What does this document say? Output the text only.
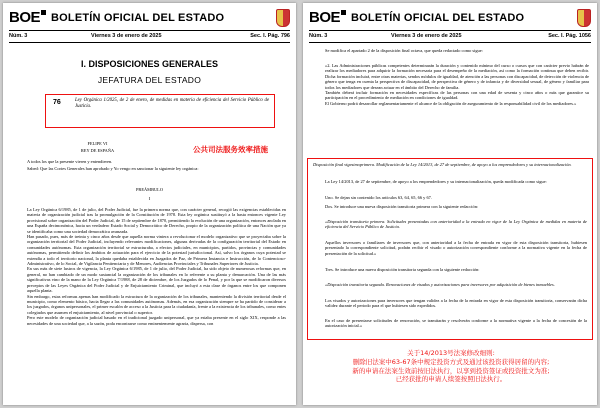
BOE BOLETÍN OFICIAL DEL ESTADO
Núm. 3	Viernes 3 de enero de 2025	Sec. I. Pág. 796
I. DISPOSICIONES GENERALES
JEFATURA DEL ESTADO
76	Ley Orgánica 1/2025, de 2 de enero, de medidas en materia de eficiencia del Servicio Público de Justicia.
公共司法服务效率措施
FELIPE VI
REY DE ESPAÑA
A todos los que la presente vieren y entendieren.
Sabed: Que las Cortes Generales han aprobado y Yo vengo en sancionar la siguiente ley orgánica:
PREÁMBULO
I
La Ley Orgánica 6/1985, de 1 de julio, del Poder Judicial, fue la primera norma que, con carácter general, recogió las exigencias establecidas en materia de organización judicial tras la promulgación de la Constitución de 1978. Esta ley orgánica sustituyó a la hasta entonces vigente Ley provisional sobre organización del Poder Judicial, de 15 de septiembre de 1870, permitiendo la evolución de una organización, entonces anclada en una España decimonónica, hacia un verdadero Estado Social y Democrático de Derecho, propio de la organización política de una Nación que ya se identificaba como una sociedad democrática avanzada.
Han pasado, pues, más de treinta y cinco años desde que aquella norma viniera a revolucionar el modelo organizativo que se proyectaba sobre la organización territorial del Poder Judicial, incluyendo relevantes modificaciones, algunas derivadas de la configuración territorial del Estado en comunidades autónomas. Esta organización territorial se estructuraba, a efectos judiciales, en municipios, partidos, provincias y comunidades autónomas, permitiendo definir los ámbitos de actuación para el ejercicio de la potestad jurisdiccional. Así, salvo los órganos cuya potestad se extendía a todo el territorio nacional, la planta quedaba establecida en Juzgados de Paz, de Primera Instancia e Instrucción, de lo Contencioso-Administrativo, de lo Social, de Vigilancia Penitenciaria y de Menores, Audiencias Provinciales y Tribunales Superiores de Justicia.
En sus más de siete lustros de vigencia, la Ley Orgánica 6/1985, de 1 de julio, del Poder Judicial, ha sido objeto de numerosas reformas que, en general, no han cambiado de un modo sustancial la organización de los tribunales en lo referente a su planta y demarcación. Una de las más significativas vino de la mano de la Ley Orgánica 7/1988, de 28 de diciembre, de los Juzgados de lo Penal, y por la que se modificaron diversos preceptos de las Leyes Orgánica del Poder Judicial y de Enjuiciamiento Criminal, que incluyó a esta clase de órganos entre los que componen aquella planta.
Sin embargo, estas reformas apenas han modificado la estructura de la organización de los tribunales, manteniendo la división territorial desde el municipio, como elemento básico, hacia llegar a las comunidades autónomas. Además, en esa organización siempre se ha partido de considerar a los juzgados, órganos unipersonales, el primer escalón de acceso a la Justicia para la ciudadanía, frente a la existencia de los tribunales, como entes colegiados que asumen el enjuiciamiento, al nivel provincial o superior.
Pero este modelo de organización judicial basado en el tradicional juzgado unipersonal, que ya estaba presente en el siglo XIX, responde a las necesidades de una sociedad que, a la sazón, poda encontrarse como eminentemente agraria, dispersa, con
BOE BOLETÍN OFICIAL DEL ESTADO
Núm. 3	Viernes 3 de enero de 2025	Sec. I. Pág. 1056
Se modifica el apartado 2 de la disposición final octava, que queda redactado como sigue:
«2. Las Administraciones públicas competentes determinarán la duración y contenido mínimo del curso o cursos que con carácter previo habrán de realizar los mediadores para adquirir la formación necesaria para el desempeño de la mediación, así como la formación continua que deben recibir. Dicha formación incluirá, entre otras materias, sendos módulos de igualdad, de atención a las personas con discapacidad, de detección de violencia de género que tenga en cuenta la perspectiva de discapacidad, de perspectiva de género y de infancia y de diversidad sexual, de género y familiar para todos los mediadores que desean actuar en el ámbito del Derecho de familia.
También deberá incluir formación en necesidades específicas de las personas con una edad de sesenta y cinco años o más que garantice su participación en el procedimiento de mediación en condiciones de igualdad.
El Gobierno podrá desarrollar reglamentariamente el alcance de la obligación de aseguramiento de la responsabilidad civil de los mediadores.»
Disposición final vigesimoprimera. Modificación de la Ley 14/2013, de 27 de septiembre, de apoyo a los emprendedores y su internacionalización.
La Ley 14/2013, de 27 de septiembre, de apoyo a los emprendedores y su internacionalización, queda modificada como sigue:
Uno. Se dejan sin contenido los artículos 63, 64, 65, 66 y 67.
Dos. Se introduce una nueva disposición transitoria primera con la siguiente redacción:
«Disposición transitoria primera. Solicitudes presentadas con anterioridad a la entrada en vigor de la Ley Orgánica de medidas en materia de eficiencia del Servicio Público de Justicia.
Aquellos inversores o familiares de inversores que, con anterioridad a la fecha de entrada en vigor de esta disposición transitoria, hubiesen presentado la correspondiente solicitud, podrán recibir el visado o autorización correspondiente conforme a la normativa vigente en la fecha de presentación de la solicitud.»
Tres. Se introduce una nueva disposición transitoria segunda con la siguiente redacción:
«Disposición transitoria segunda. Renovaciones de visados y autorizaciones para inversores por adquisición de bienes inmuebles.
Los visados y autorizaciones para inversores que tengan validez a la fecha de la entrada en vigor de esta disposición transitoria, conservarán dicha validez durante el periodo para el que hubiesen sido expedidos.
En el caso de presentarse solicitudes de renovación, se tramitarán y resolverán conforme a la normativa vigente a la fecha de concesión de la autorización inicial.»
关于14/2013号法案修改细则:
删除旧法案中63-67条中规定投资方式及通过该投资获得居留的内容;
新的申请在法案生效前按旧法执行，以享到投资签证或投资批文为准;
已经获批的申请人续签按照旧法执行。
